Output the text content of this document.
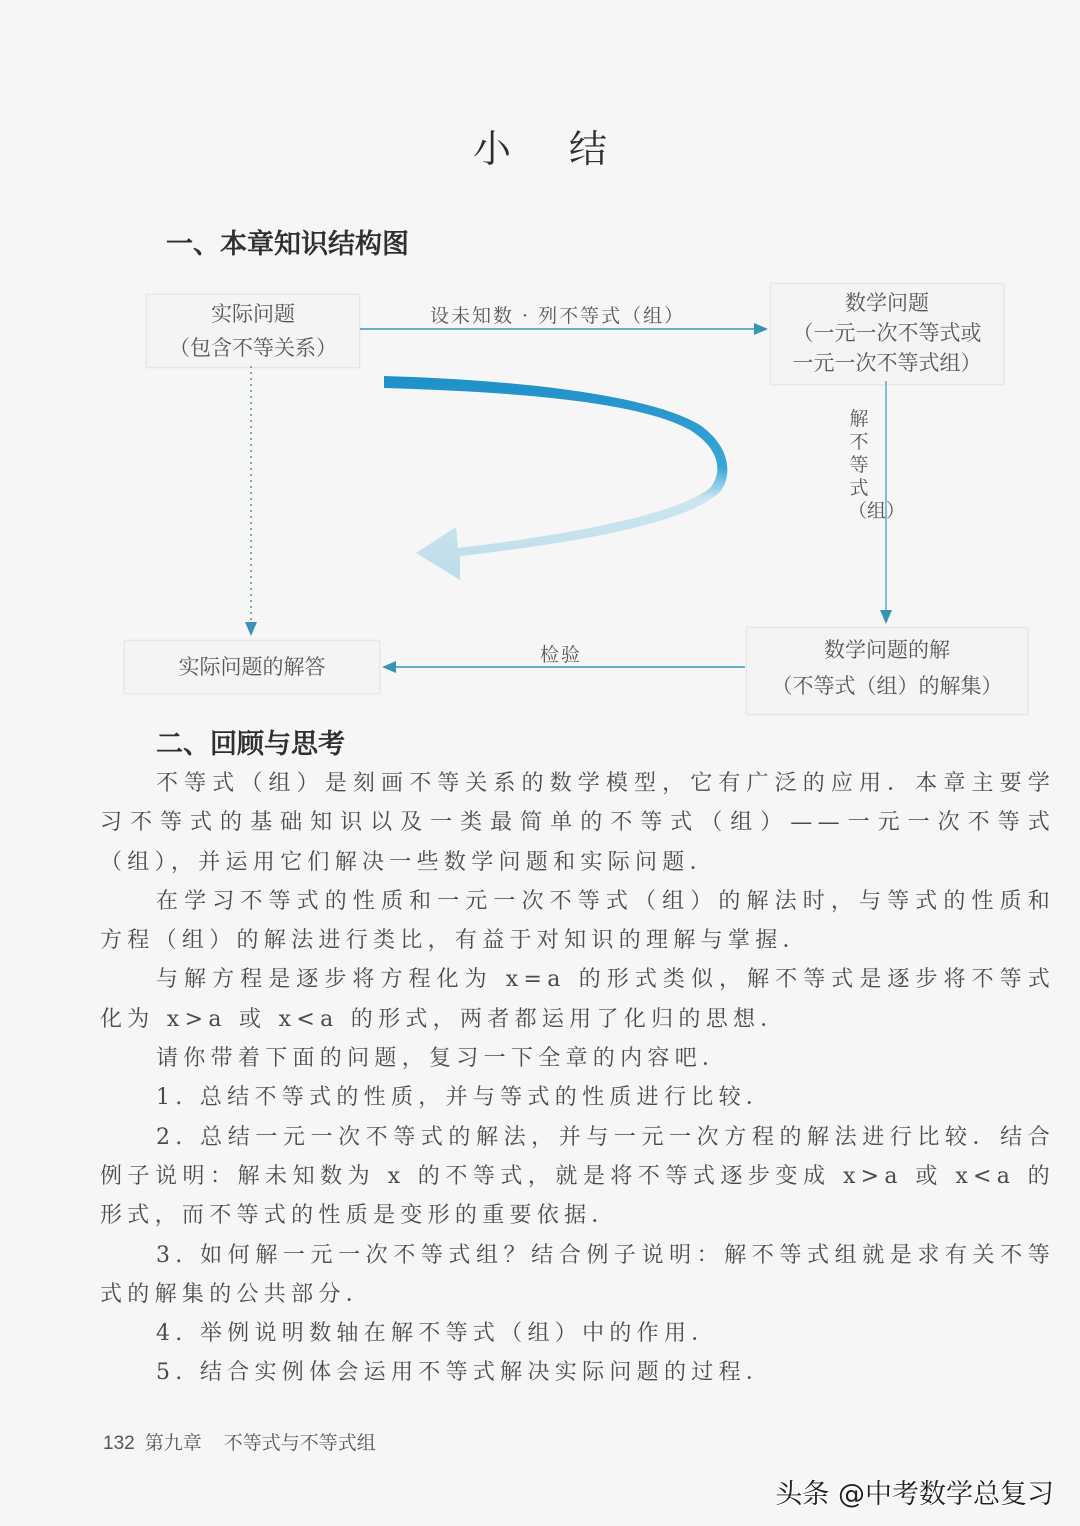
小结
一、本章知识结构图
实际问题
（包含不等关系）
数学问题
（一元一次不等式或
一元一次不等式组）
数学问题的解
（不等式（组）的解集）
实际问题的解答
设未知数 · 列不等式（组）
解不等式（组）
检验
二、回顾与思考

不等式（组）是刻画不等关系的数学模型，它有广泛的应用．本章主要学习不等式的基础知识以及一类最简单的不等式（组）——一元一次不等式（组），并运用它们解决一些数学问题和实际问题．

在学习不等式的性质和一元一次不等式（组）的解法时，与等式的性质和方程（组）的解法进行类比，有益于对知识的理解与掌握．

与解方程是逐步将方程化为 x=a 的形式类似，解不等式是逐步将不等式化为 x>a 或 x<a 的形式，两者都运用了化归的思想．

请你带着下面的问题，复习一下全章的内容吧．

1. 总结不等式的性质，并与等式的性质进行比较．

2. 总结一元一次不等式的解法，并与一元一次方程的解法进行比较．结合例子说明：解未知数为 x 的不等式，就是将不等式逐步变成 x>a 或 x<a 的形式，而不等式的性质是变形的重要依据．

3. 如何解一元一次不等式组？结合例子说明：解不等式组就是求有关不等式的解集的公共部分．

4. 举例说明数轴在解不等式（组）中的作用．

5. 结合实例体会运用不等式解决实际问题的过程．

132 第九章 不等式与不等式组
头条 @中考数学总复习
